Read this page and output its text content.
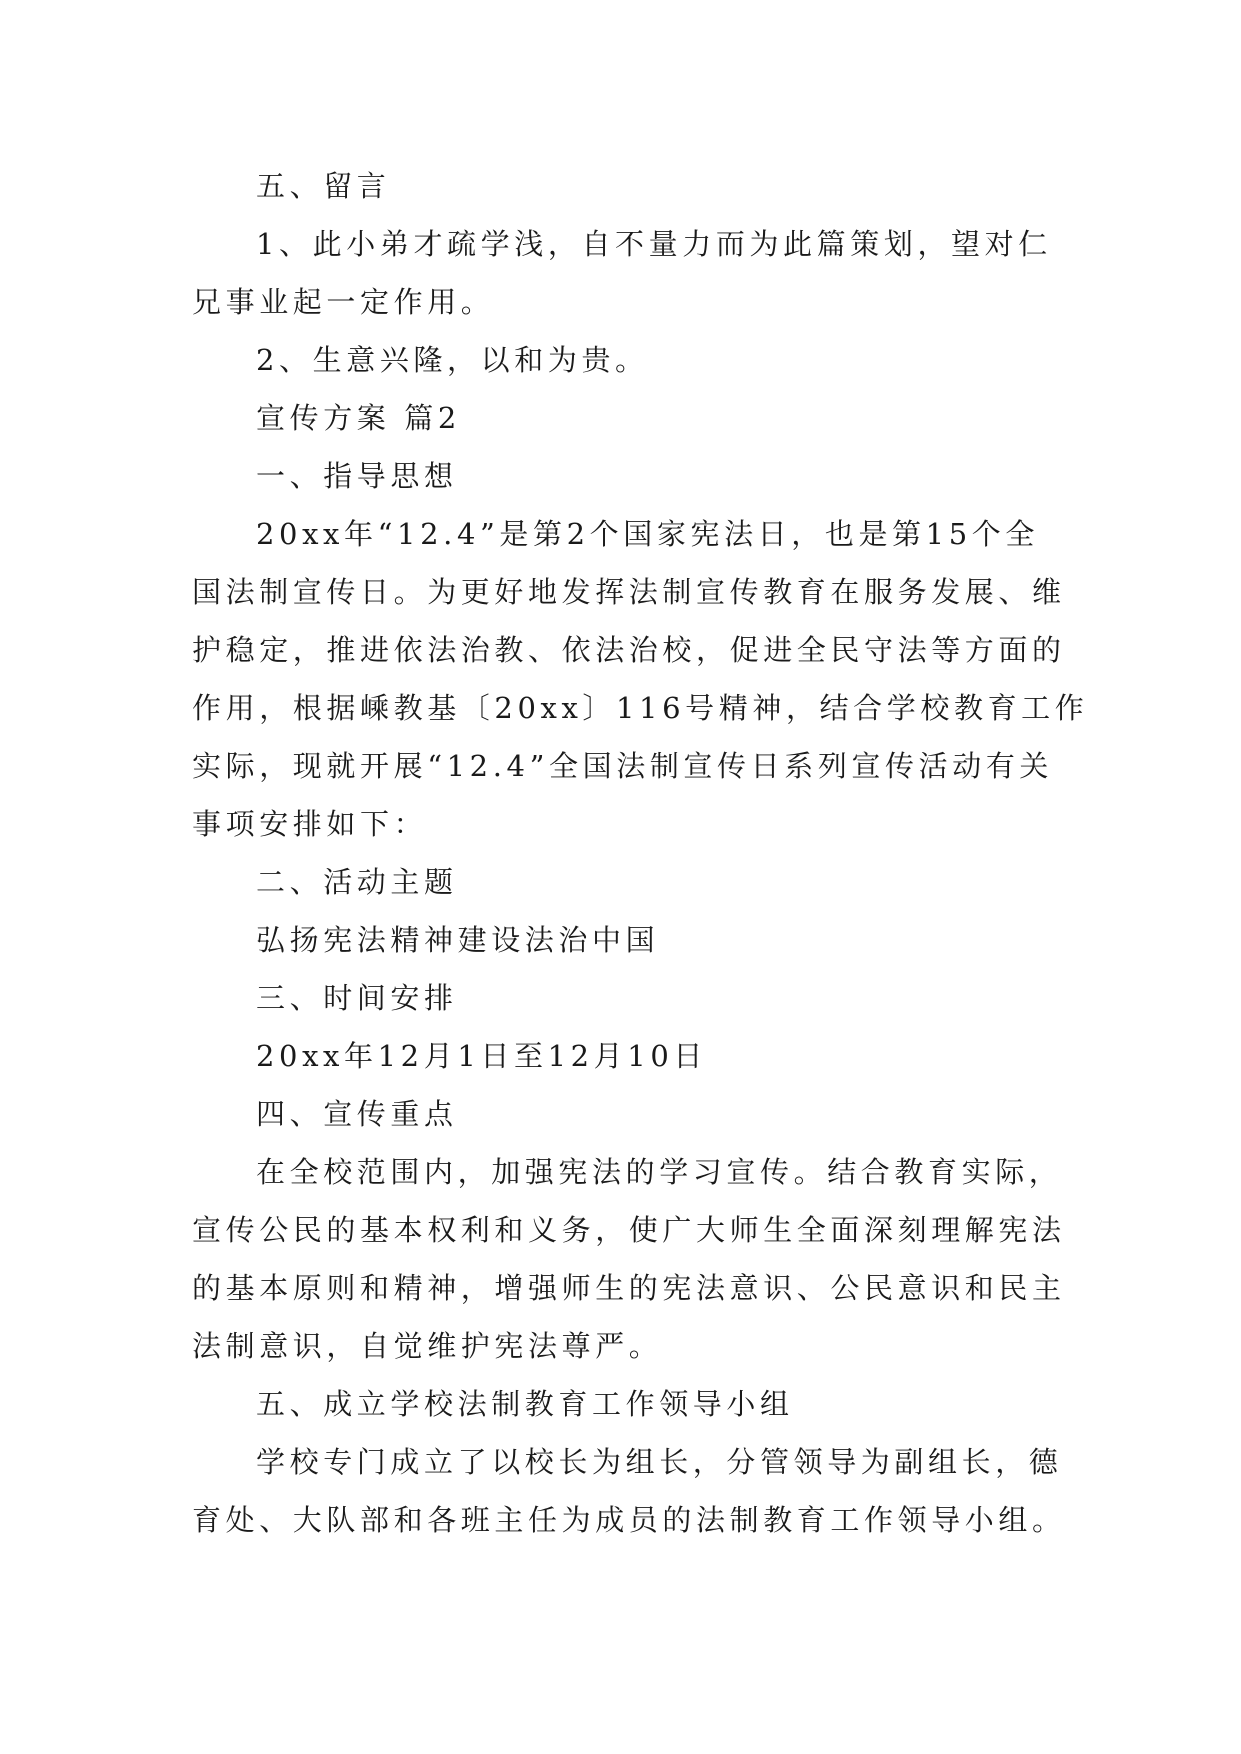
五、留言
1、此小弟才疏学浅，自不量力而为此篇策划，望对仁
兄事业起一定作用。
2、生意兴隆，以和为贵。
宣传方案 篇2
一、指导思想
20xx年“12.4”是第2个国家宪法日，也是第15个全
国法制宣传日。为更好地发挥法制宣传教育在服务发展、维
护稳定，推进依法治教、依法治校，促进全民守法等方面的
作用，根据嵊教基〔20xx〕116号精神，结合学校教育工作
实际，现就开展“12.4”全国法制宣传日系列宣传活动有关
事项安排如下：
二、活动主题
弘扬宪法精神建设法治中国
三、时间安排
20xx年12月1日至12月10日
四、宣传重点
在全校范围内，加强宪法的学习宣传。结合教育实际，
宣传公民的基本权利和义务，使广大师生全面深刻理解宪法
的基本原则和精神，增强师生的宪法意识、公民意识和民主
法制意识，自觉维护宪法尊严。
五、成立学校法制教育工作领导小组
学校专门成立了以校长为组长，分管领导为副组长，德
育处、大队部和各班主任为成员的法制教育工作领导小组。
